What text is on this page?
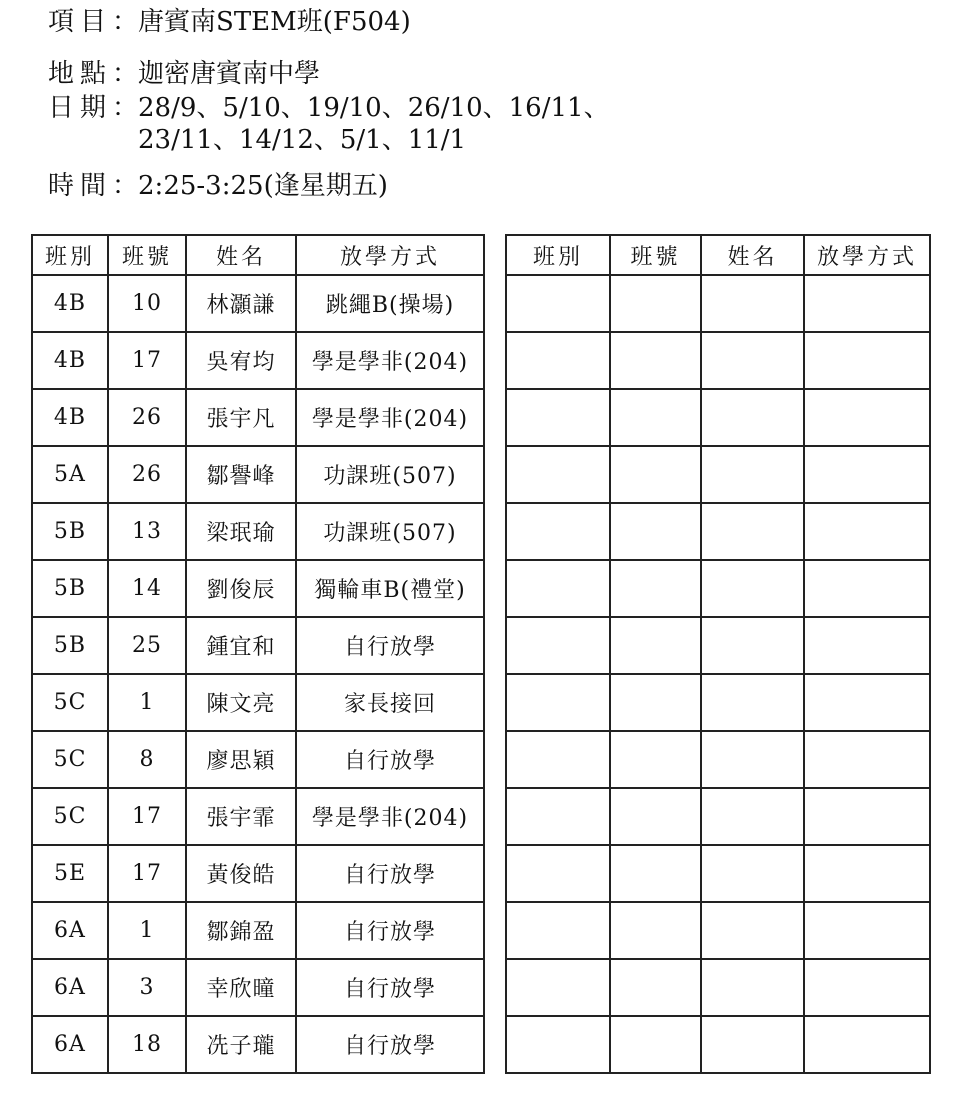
項目 ： 唐賓南STEM班(F504)
地點 ： 迦密唐賓南中學
日期 ： 28/9、5/10、19/10、26/10、16/11、
23/11、14/12、5/1、11/1
時間 ： 2:25-3:25(逢星期五)
班別	班號	姓名	放學方式
4B	10	林灝謙	跳繩B(操場)
4B	17	吳宥均	學是學非(204)
4B	26	張宇凡	學是學非(204)
5A	26	鄒譽峰	功課班(507)
5B	13	梁珉瑜	功課班(507)
5B	14	劉俊辰	獨輪車B(禮堂)
5B	25	鍾宜和	自行放學
5C	1	陳文亮	家長接回
5C	8	廖思穎	自行放學
5C	17	張宇霏	學是學非(204)
5E	17	黃俊皓	自行放學
6A	1	鄒錦盈	自行放學
6A	3	幸欣曈	自行放學
6A	18	冼子瓏	自行放學
班別	班號	姓名	放學方式
